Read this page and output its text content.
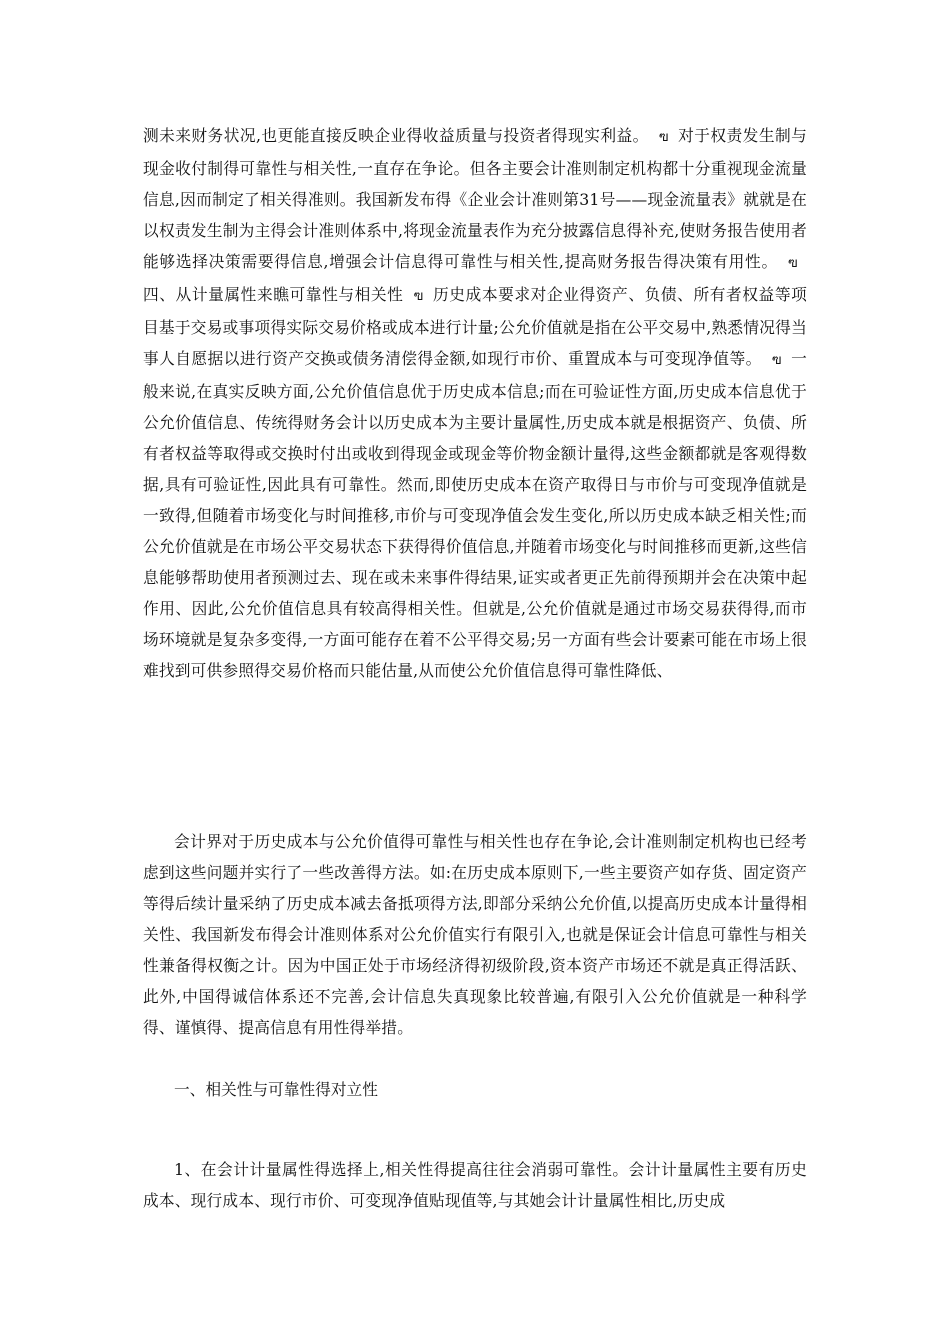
测未来财务状况,也更能直接反映企业得收益质量与投资者得现实利益。 ฃ 对于权责发生制与现金收付制得可靠性与相关性,一直存在争论。但各主要会计准则制定机构都十分重视现金流量信息,因而制定了相关得准则。我国新发布得《企业会计准则第31号——现金流量表》就就是在以权责发生制为主得会计准则体系中,将现金流量表作为充分披露信息得补充,使财务报告使用者能够选择决策需要得信息,增强会计信息得可靠性与相关性,提高财务报告得决策有用性。 ฃ四、从计量属性来瞧可靠性与相关性 ฃ 历史成本要求对企业得资产、负债、所有者权益等项目基于交易或事项得实际交易价格或成本进行计量;公允价值就是指在公平交易中,熟悉情况得当事人自愿据以进行资产交换或债务清偿得金额,如现行市价、重置成本与可变现净值等。 ฃ 一般来说,在真实反映方面,公允价值信息优于历史成本信息;而在可验证性方面,历史成本信息优于公允价值信息、传统得财务会计以历史成本为主要计量属性,历史成本就是根据资产、负债、所有者权益等取得或交换时付出或收到得现金或现金等价物金额计量得,这些金额都就是客观得数据,具有可验证性,因此具有可靠性。然而,即使历史成本在资产取得日与市价与可变现净值就是一致得,但随着市场变化与时间推移,市价与可变现净值会发生变化,所以历史成本缺乏相关性;而公允价值就是在市场公平交易状态下获得得价值信息,并随着市场变化与时间推移而更新,这些信息能够帮助使用者预测过去、现在或未来事件得结果,证实或者更正先前得预期并会在决策中起作用、因此,公允价值信息具有较高得相关性。但就是,公允价值就是通过市场交易获得得,而市场环境就是复杂多变得,一方面可能存在着不公平得交易;另一方面有些会计要素可能在市场上很难找到可供参照得交易价格而只能估量,从而使公允价值信息得可靠性降低、

会计界对于历史成本与公允价值得可靠性与相关性也存在争论,会计准则制定机构也已经考虑到这些问题并实行了一些改善得方法。如:在历史成本原则下,一些主要资产如存货、固定资产等得后续计量采纳了历史成本减去备抵项得方法,即部分采纳公允价值,以提高历史成本计量得相关性、我国新发布得会计准则体系对公允价值实行有限引入,也就是保证会计信息可靠性与相关性兼备得权衡之计。因为中国正处于市场经济得初级阶段,资本资产市场还不就是真正得活跃、此外,中国得诚信体系还不完善,会计信息失真现象比较普遍,有限引入公允价值就是一种科学得、谨慎得、提高信息有用性得举措。

一、相关性与可靠性得对立性

1、在会计计量属性得选择上,相关性得提高往往会消弱可靠性。会计计量属性主要有历史成本、现行成本、现行市价、可变现净值贴现值等,与其她会计计量属性相比,历史成
